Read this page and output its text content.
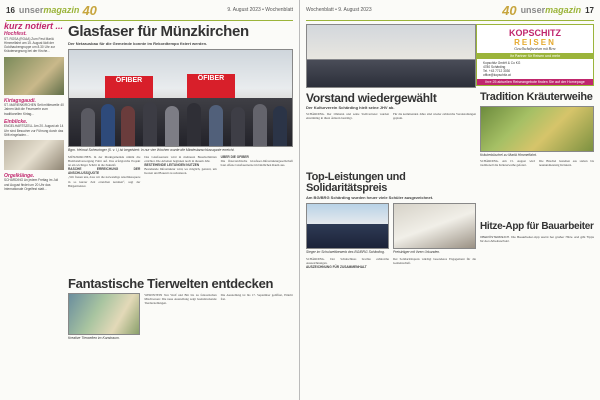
16 unsermagazin 40	9. August 2023 • Wochenblatt
kurz notiert ...
Hochfest.

ST. ROSA (ROAA) Zum Fest Mariä Himmelfahrt am 15. August lädt der Goldhaubengruppe um 8.30 Uhr zur Kräutersegnung bei der Kirche...

Kirtagsgaudi.

ST. MARIENKIRCHEN Seit mittlerweile 40 Jahren lädt die Feuerwehr zum traditionellen Kirtag...

Einblicke.

ENGELHARTSZELL Am 20. August ab 14 Uhr sind Besucher zur Führung durch das Stift eingeladen...

Orgelklänge.

SCHÄRDING An jedem Freitag im Juli und August findet um 20 Uhr das Internationale Orgelfest statt...

Glasfaser für Münzkirchen
Der Netzausbau für die Gemeinde konnte im Rekordtempo fixiert werden.
ÖFIBER	ÖFIBER
Bgm. Helmut Scheuringer (5. v. l.) ist begeistert: In nur vier Wochen wurde die Mindestanschlussquote erreicht.

MÜNZKIRCHEN. In der Marktgemeinde nimmt die Breitbandversorgung Fahrt auf. Das erfolgreiche Projekt ist ein wichtiger Schritt in die Zukunft.

RASCHE ERREICHUNG DER ANSCHLUSSQUOTE

„Wir freuen uns, dass wir die notwendige Anschlussquote in so kurzer Zeit erreichen konnten“, sagt der Bürgermeister.

Das Glasfasernetz wird in mehreren Bauabschnitten errichtet. Die Arbeiten beginnen noch in diesem Jahr.

BESTEHENDE LEITUNGEN NUTZEN

Bestehende Infrastruktur wird, wo möglich, genutzt, um Kosten und Bauzeit zu reduzieren.

ÜBER DIE ÖFIBER

Die Österreichische Glasfaser-Infrastrukturgesellschaft baut offene Glasfasernetze im ländlichen Raum aus.

Fantastische Tierwelten entdecken
Kreative Tierwelten im Kunstraum.
WERNSTEIN Von Wolf und Bär bis zu fantastischen Mischwesen: Die neue Ausstellung zeigt beeindruckende Tierdarstellungen.
Die Ausstellung ist bis 17. September geöffnet, Eintritt frei.
Wochenblatt • 9. August 2023	40 unsermagazin 17
KOPSCHITZ
REISEN
Gesellschaftsreisen mit Herz
Ihr Partner für Reisen und mehr
Kopschitz GmbH & Co KG
4780 Schärding
Tel. +43 7712 3030
office@kopschitz.at
Ihre 25 aktuellen Reiseangebote finden Sie auf der Homepage
Vorstand wiedergewählt
Der Kulturverein Schärding hielt seine JHV ab.
SCHÄRDING. Der Obmann und seine Stellvertreter wurden einstimmig in ihren Ämtern bestätigt.
Für die kommenden Jahre sind wieder zahlreiche Veranstaltungen geplant.
Tradition Kräuterweihe
Kräuterbüschel zu Mariä Himmelfahrt.
SCHÄRDING. Am 15. August wird traditionell die Kräuterweihe gefeiert.
Die Büschel bestehen aus sieben bis neunundneunzig Kräutern.
Top-Leistungen und Solidaritätspreis
Am BG/BRG Schärding wurden heuer viele Schüler ausgezeichnet.
Sieger im Schulwettbewerb des BG/BRG Schärding.	Preisträger mit ihren Urkunden.

SCHÄRDING. Der Schulschluss brachte zahlreiche Auszeichnungen.

AUSZEICHNUNG FÜR ZUSAMMENHALT

Der Solidaritätspreis würdigt besonderes Engagement für die Gemeinschaft.
Hitze-App für Bauarbeiter
OBERÖSTERREICH. Die Bauarbeiter-App warnt bei großer Hitze und gibt Tipps für den Arbeitsschutz.
